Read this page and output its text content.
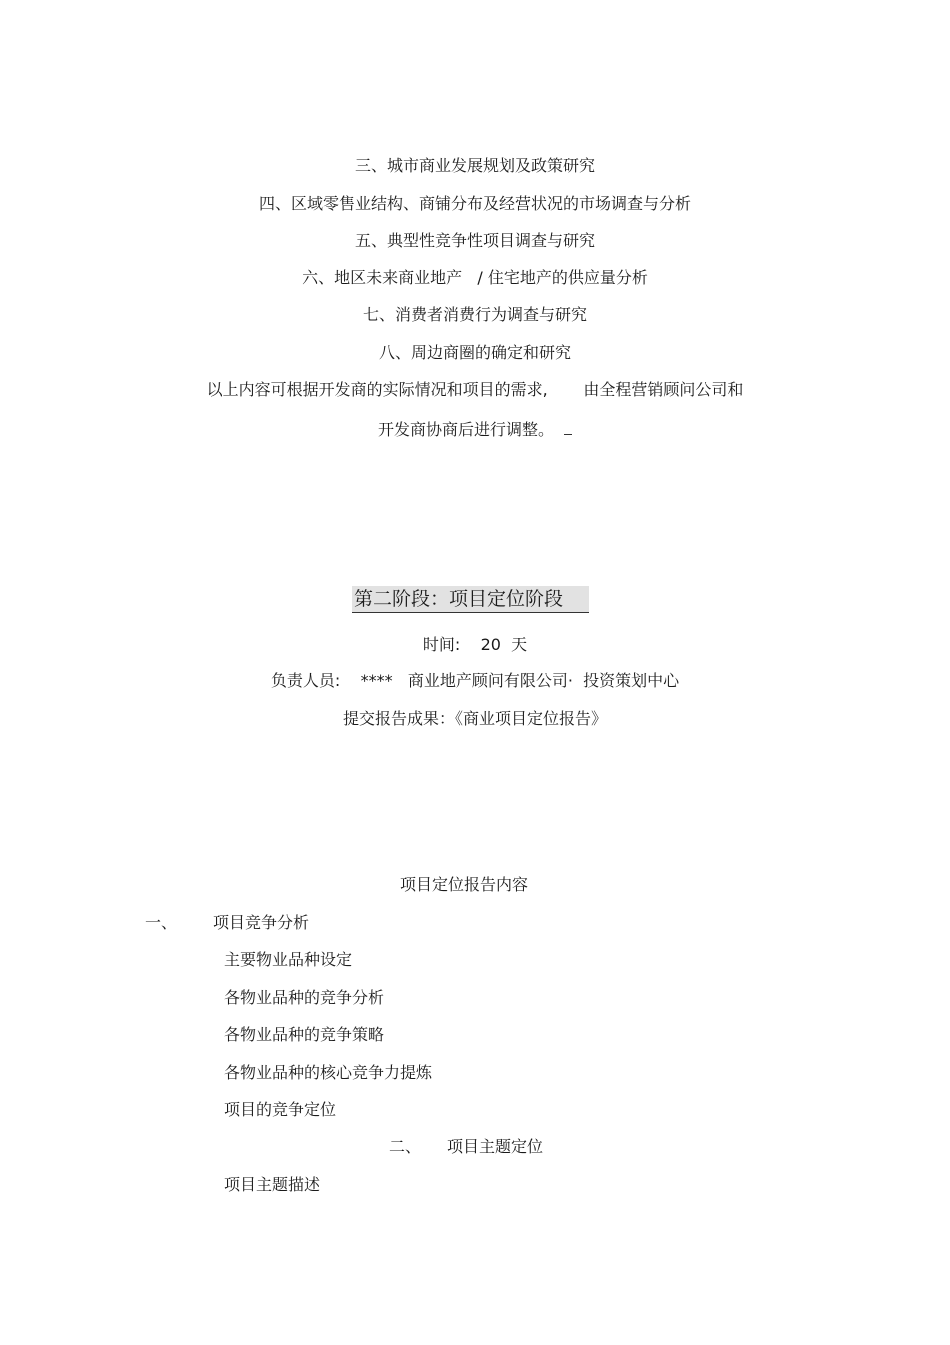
三、城市商业发展规划及政策研究

四、区域零售业结构、商铺分布及经营状况的市场调查与分析

五、典型性竞争性项目调查与研究

六、地区未来商业地产   / 住宅地产的供应量分析

七、消费者消费行为调查与研究

八、周边商圈的确定和研究

以上内容可根据开发商的实际情况和项目的需求,       由全程营销顾问公司和

开发商协商后进行调整。

第二阶段：项目定位阶段

时间:    20  天

负责人员:    ****   商业地产顾问有限公司·  投资策划中心

提交报告成果：《商业项目定位报告》

项目定位报告内容

一、 项目竞争分析

主要物业品种设定

各物业品种的竞争分析

各物业品种的竞争策略

各物业品种的核心竞争力提炼

项目的竞争定位

二、 项目主题定位

项目主题描述
